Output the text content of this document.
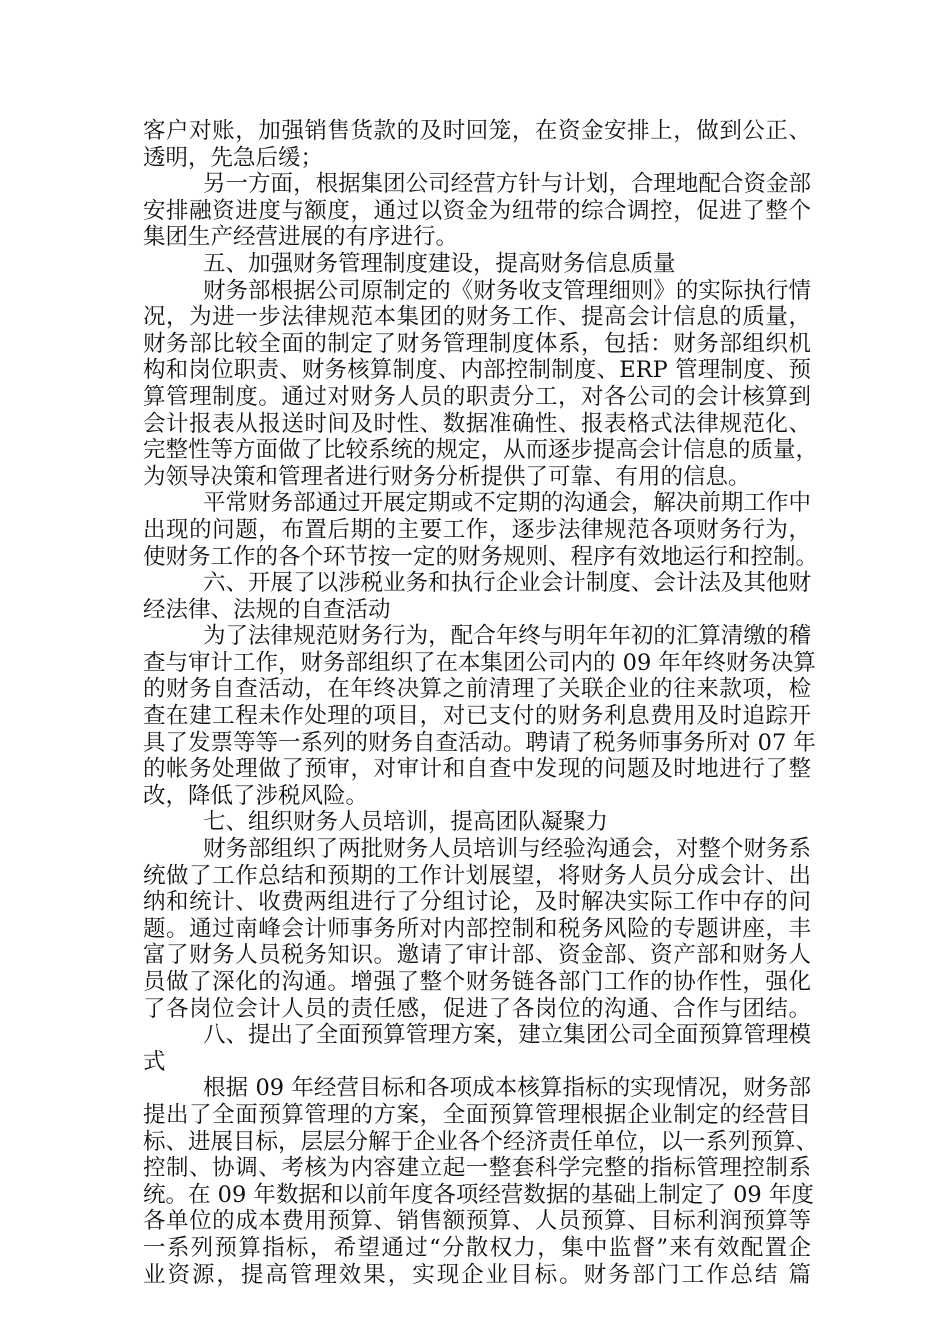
客户对账，加强销售货款的及时回笼，在资金安排上，做到公正、
透明，先急后缓；
另一方面，根据集团公司经营方针与计划，合理地配合资金部
安排融资进度与额度，通过以资金为纽带的综合调控，促进了整个
集团生产经营进展的有序进行。
五、加强财务管理制度建设，提高财务信息质量
财务部根据公司原制定的《财务收支管理细则》的实际执行情
况，为进一步法律规范本集团的财务工作、提高会计信息的质量，
财务部比较全面的制定了财务管理制度体系，包括：财务部组织机
构和岗位职责、财务核算制度、内部控制制度、ERP 管理制度、预
算管理制度。通过对财务人员的职责分工，对各公司的会计核算到
会计报表从报送时间及时性、数据准确性、报表格式法律规范化、
完整性等方面做了比较系统的规定，从而逐步提高会计信息的质量，
为领导决策和管理者进行财务分析提供了可靠、有用的信息。
平常财务部通过开展定期或不定期的沟通会，解决前期工作中
出现的问题，布置后期的主要工作，逐步法律规范各项财务行为，
使财务工作的各个环节按一定的财务规则、程序有效地运行和控制。
六、开展了以涉税业务和执行企业会计制度、会计法及其他财
经法律、法规的自查活动
为了法律规范财务行为，配合年终与明年年初的汇算清缴的稽
查与审计工作，财务部组织了在本集团公司内的 09 年年终财务决算
的财务自查活动，在年终决算之前清理了关联企业的往来款项，检
查在建工程未作处理的项目，对已支付的财务利息费用及时追踪开
具了发票等等一系列的财务自查活动。聘请了税务师事务所对 07 年
的帐务处理做了预审，对审计和自查中发现的问题及时地进行了整
改，降低了涉税风险。
七、组织财务人员培训，提高团队凝聚力
财务部组织了两批财务人员培训与经验沟通会，对整个财务系
统做了工作总结和预期的工作计划展望，将财务人员分成会计、出
纳和统计、收费两组进行了分组讨论，及时解决实际工作中存的问
题。通过南峰会计师事务所对内部控制和税务风险的专题讲座，丰
富了财务人员税务知识。邀请了审计部、资金部、资产部和财务人
员做了深化的沟通。增强了整个财务链各部门工作的协作性，强化
了各岗位会计人员的责任感，促进了各岗位的沟通、合作与团结。
八、提出了全面预算管理方案，建立集团公司全面预算管理模
式
根据 09 年经营目标和各项成本核算指标的实现情况，财务部
提出了全面预算管理的方案，全面预算管理根据企业制定的经营目
标、进展目标，层层分解于企业各个经济责任单位，以一系列预算、
控制、协调、考核为内容建立起一整套科学完整的指标管理控制系
统。在 09 年数据和以前年度各项经营数据的基础上制定了 09 年度
各单位的成本费用预算、销售额预算、人员预算、目标利润预算等
一系列预算指标，希望通过“分散权力，集中监督”来有效配置企
业资源，提高管理效果，实现企业目标。财务部门工作总结 篇
